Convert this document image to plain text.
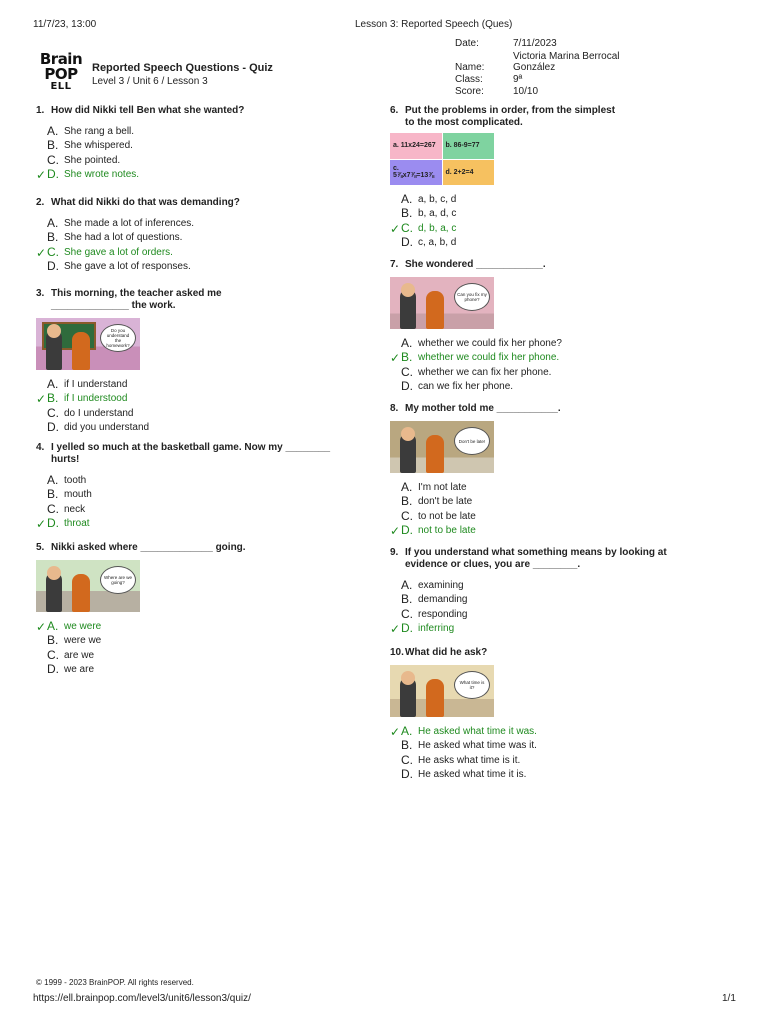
11/7/23, 13:00	Lesson 3: Reported Speech (Ques)
Brain
POP
ELL
Reported Speech Questions - Quiz
Level 3 / Unit 6 / Lesson 3
Date:	7/11/2023
Victoria Marina Berrocal
Name:	González
Class:	9ª
Score:	10/10
1. How did Nikki tell Ben what she wanted?
A. She rang a bell.
B. She whispered.
C. She pointed.
✓ D. She wrote notes.
2. What did Nikki do that was demanding?
A. She made a lot of inferences.
B. She had a lot of questions.
✓ C. She gave a lot of orders.
D. She gave a lot of responses.
3. This morning, the teacher asked me
______________ the work.
Do you understand the homework?
A. if I understand
✓ B. if I understood
C. do I understand
D. did you understand
4. I yelled so much at the basketball game. Now my ________
hurts!
A. tooth
B. mouth
C. neck
✓ D. throat
5. Nikki asked where _____________ going.
Where are we going?
✓ A. we were
B. were we
C. are we
D. we are
6. Put the problems in order, from the simplest
to the most complicated.
a. 11x24=267	b. 86-9=77
c. 5⅞x7⅞=13⅞	d. 2+2=4
A. a, b, c, d
B. b, a, d, c
✓ C. d, b, a, c
D. c, a, b, d
7. She wondered ____________.
Can you fix my phone?
A. whether we could fix her phone?
✓ B. whether we could fix her phone.
C. whether we can fix her phone.
D. can we fix her phone.
8. My mother told me ___________.
Don't be late!
A. I'm not late
B. don't be late
C. to not be late
✓ D. not to be late
9. If you understand what something means by looking at
evidence or clues, you are ________.
A. examining
B. demanding
C. responding
✓ D. inferring
10.What did he ask?
What time is it?
✓ A. He asked what time it was.
B. He asked what time was it.
C. He asks what time is it.
D. He asked what time it is.
© 1999 - 2023 BrainPOP. All rights reserved.
https://ell.brainpop.com/level3/unit6/lesson3/quiz/	1/1
